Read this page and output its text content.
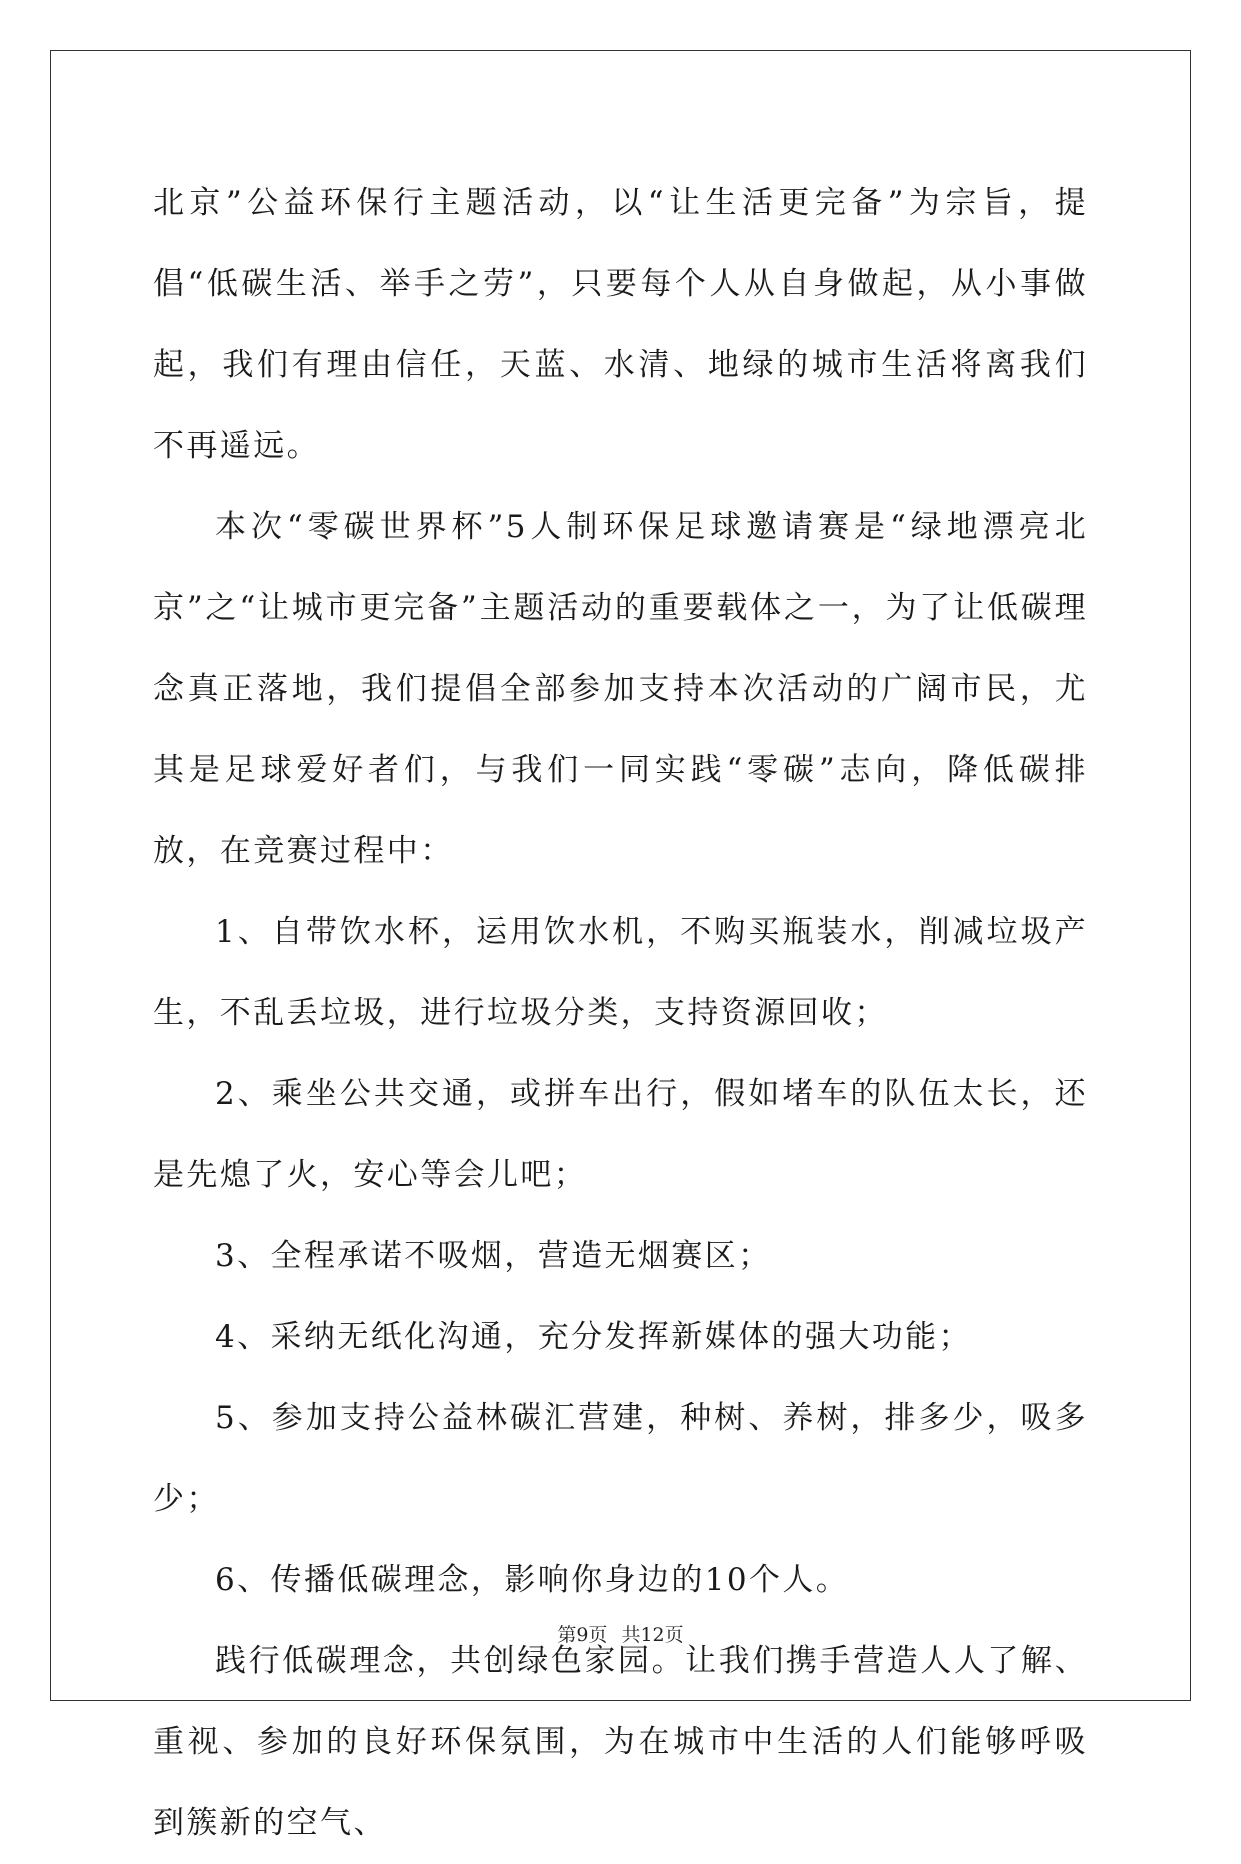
北京”公益环保行主题活动，以“让生活更完备”为宗旨，提倡“低碳生活、举手之劳”，只要每个人从自身做起，从小事做起，我们有理由信任，天蓝、水清、地绿的城市生活将离我们不再遥远。

本次“零碳世界杯”5人制环保足球邀请赛是“绿地漂亮北京”之“让城市更完备”主题活动的重要载体之一，为了让低碳理念真正落地，我们提倡全部参加支持本次活动的广阔市民，尤其是足球爱好者们，与我们一同实践“零碳”志向，降低碳排放，在竞赛过程中：

1、自带饮水杯，运用饮水机，不购买瓶装水，削减垃圾产生，不乱丢垃圾，进行垃圾分类，支持资源回收；

2、乘坐公共交通，或拼车出行，假如堵车的队伍太长，还是先熄了火，安心等会儿吧；

3、全程承诺不吸烟，营造无烟赛区；

4、采纳无纸化沟通，充分发挥新媒体的强大功能；

5、参加支持公益林碳汇营建，种树、养树，排多少，吸多少；

6、传播低碳理念，影响你身边的10个人。

践行低碳理念，共创绿色家园。让我们携手营造人人了解、重视、参加的良好环保氛围，为在城市中生活的人们能够呼吸到簇新的空气、

第9页 共12页
